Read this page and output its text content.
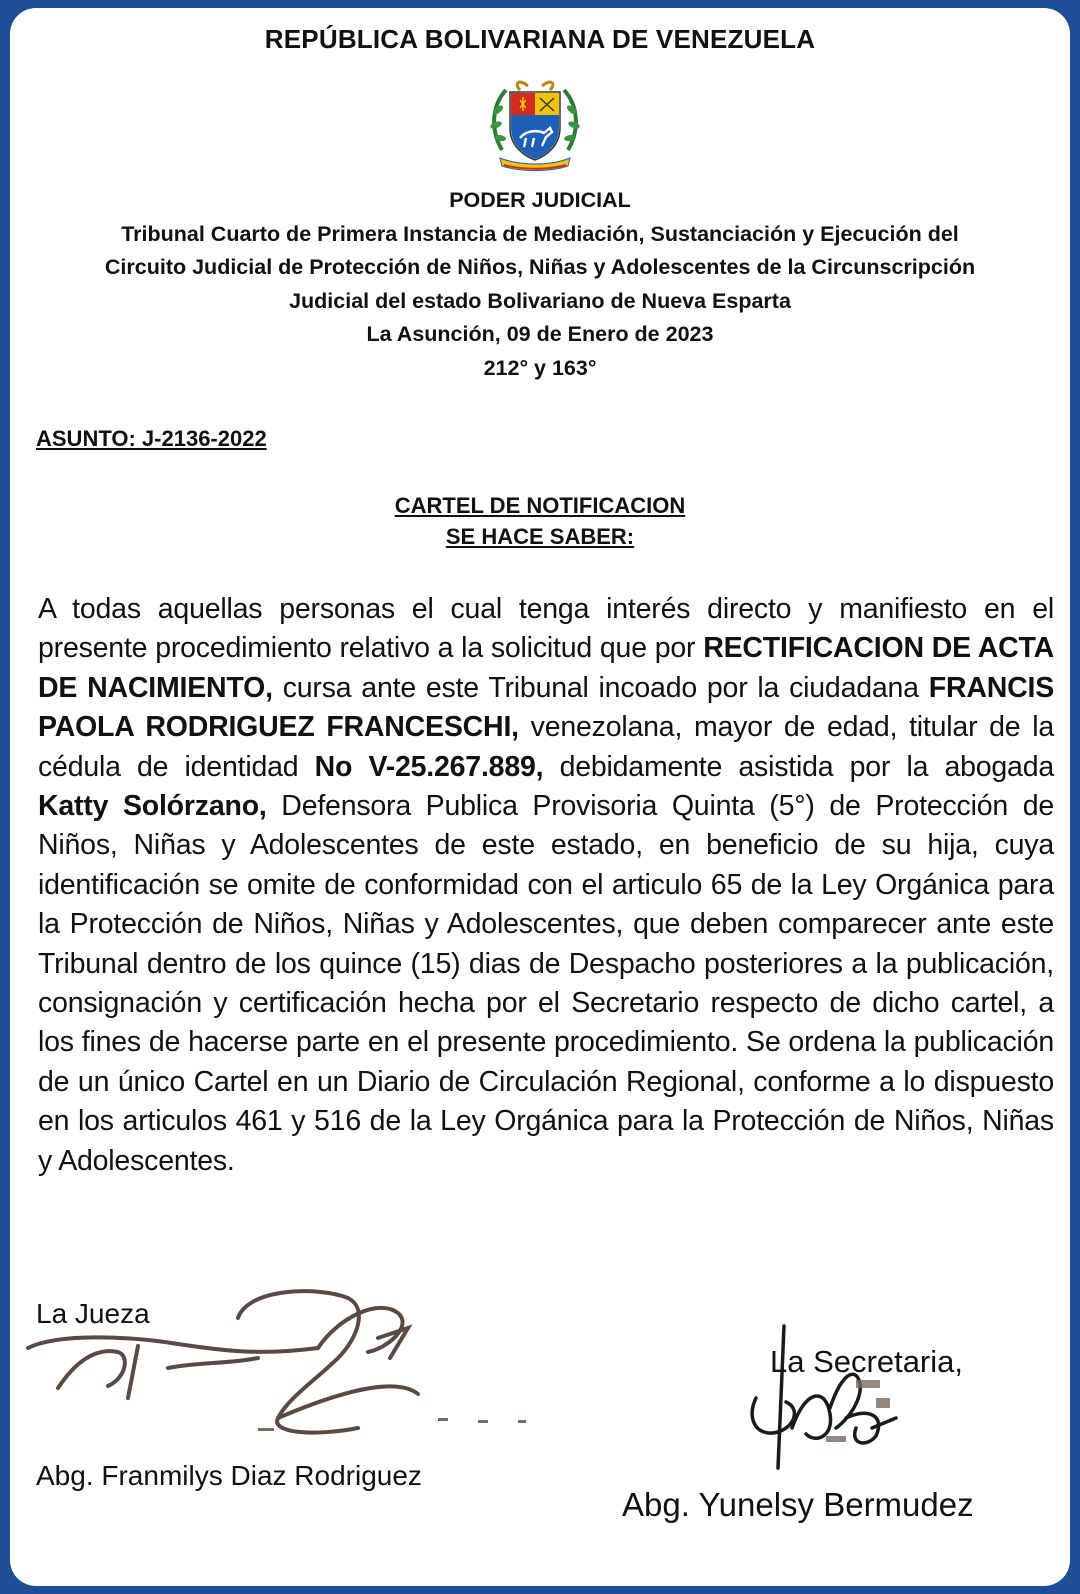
REPÚBLICA BOLIVARIANA DE VENEZUELA
PODER JUDICIAL
Tribunal Cuarto de Primera Instancia de Mediación, Sustanciación y Ejecución del
Circuito Judicial de Protección de Niños, Niñas y Adolescentes de la Circunscripción
Judicial del estado Bolivariano de Nueva Esparta
La Asunción, 09 de Enero de 2023
212° y 163°
ASUNTO: J-2136-2022
CARTEL DE NOTIFICACION
SE HACE SABER:
A todas aquellas personas el cual tenga interés directo y manifiesto en el presente procedimiento relativo a la solicitud que por RECTIFICACION DE ACTA DE NACIMIENTO, cursa ante este Tribunal incoado por la ciudadana FRANCIS PAOLA RODRIGUEZ FRANCESCHI, venezolana, mayor de edad, titular de la cédula de identidad No V-25.267.889, debidamente asistida por la abogada Katty Solórzano, Defensora Publica Provisoria Quinta (5°) de Protección de Niños, Niñas y Adolescentes de este estado, en beneficio de su hija, cuya identificación se omite de conformidad con el articulo 65 de la Ley Orgánica para la Protección de Niños, Niñas y Adolescentes, que deben comparecer ante este Tribunal dentro de los quince (15) dias de Despacho posteriores a la publicación, consignación y certificación hecha por el Secretario respecto de dicho cartel, a los fines de hacerse parte en el presente procedimiento. Se ordena la publicación de un único Cartel en un Diario de Circulación Regional, conforme a lo dispuesto en los articulos 461 y 516 de la Ley Orgánica para la Protección de Niños, Niñas y Adolescentes.
La Jueza
Abg. Franmilys Diaz Rodriguez
La Secretaria,
Abg. Yunelsy Bermudez
